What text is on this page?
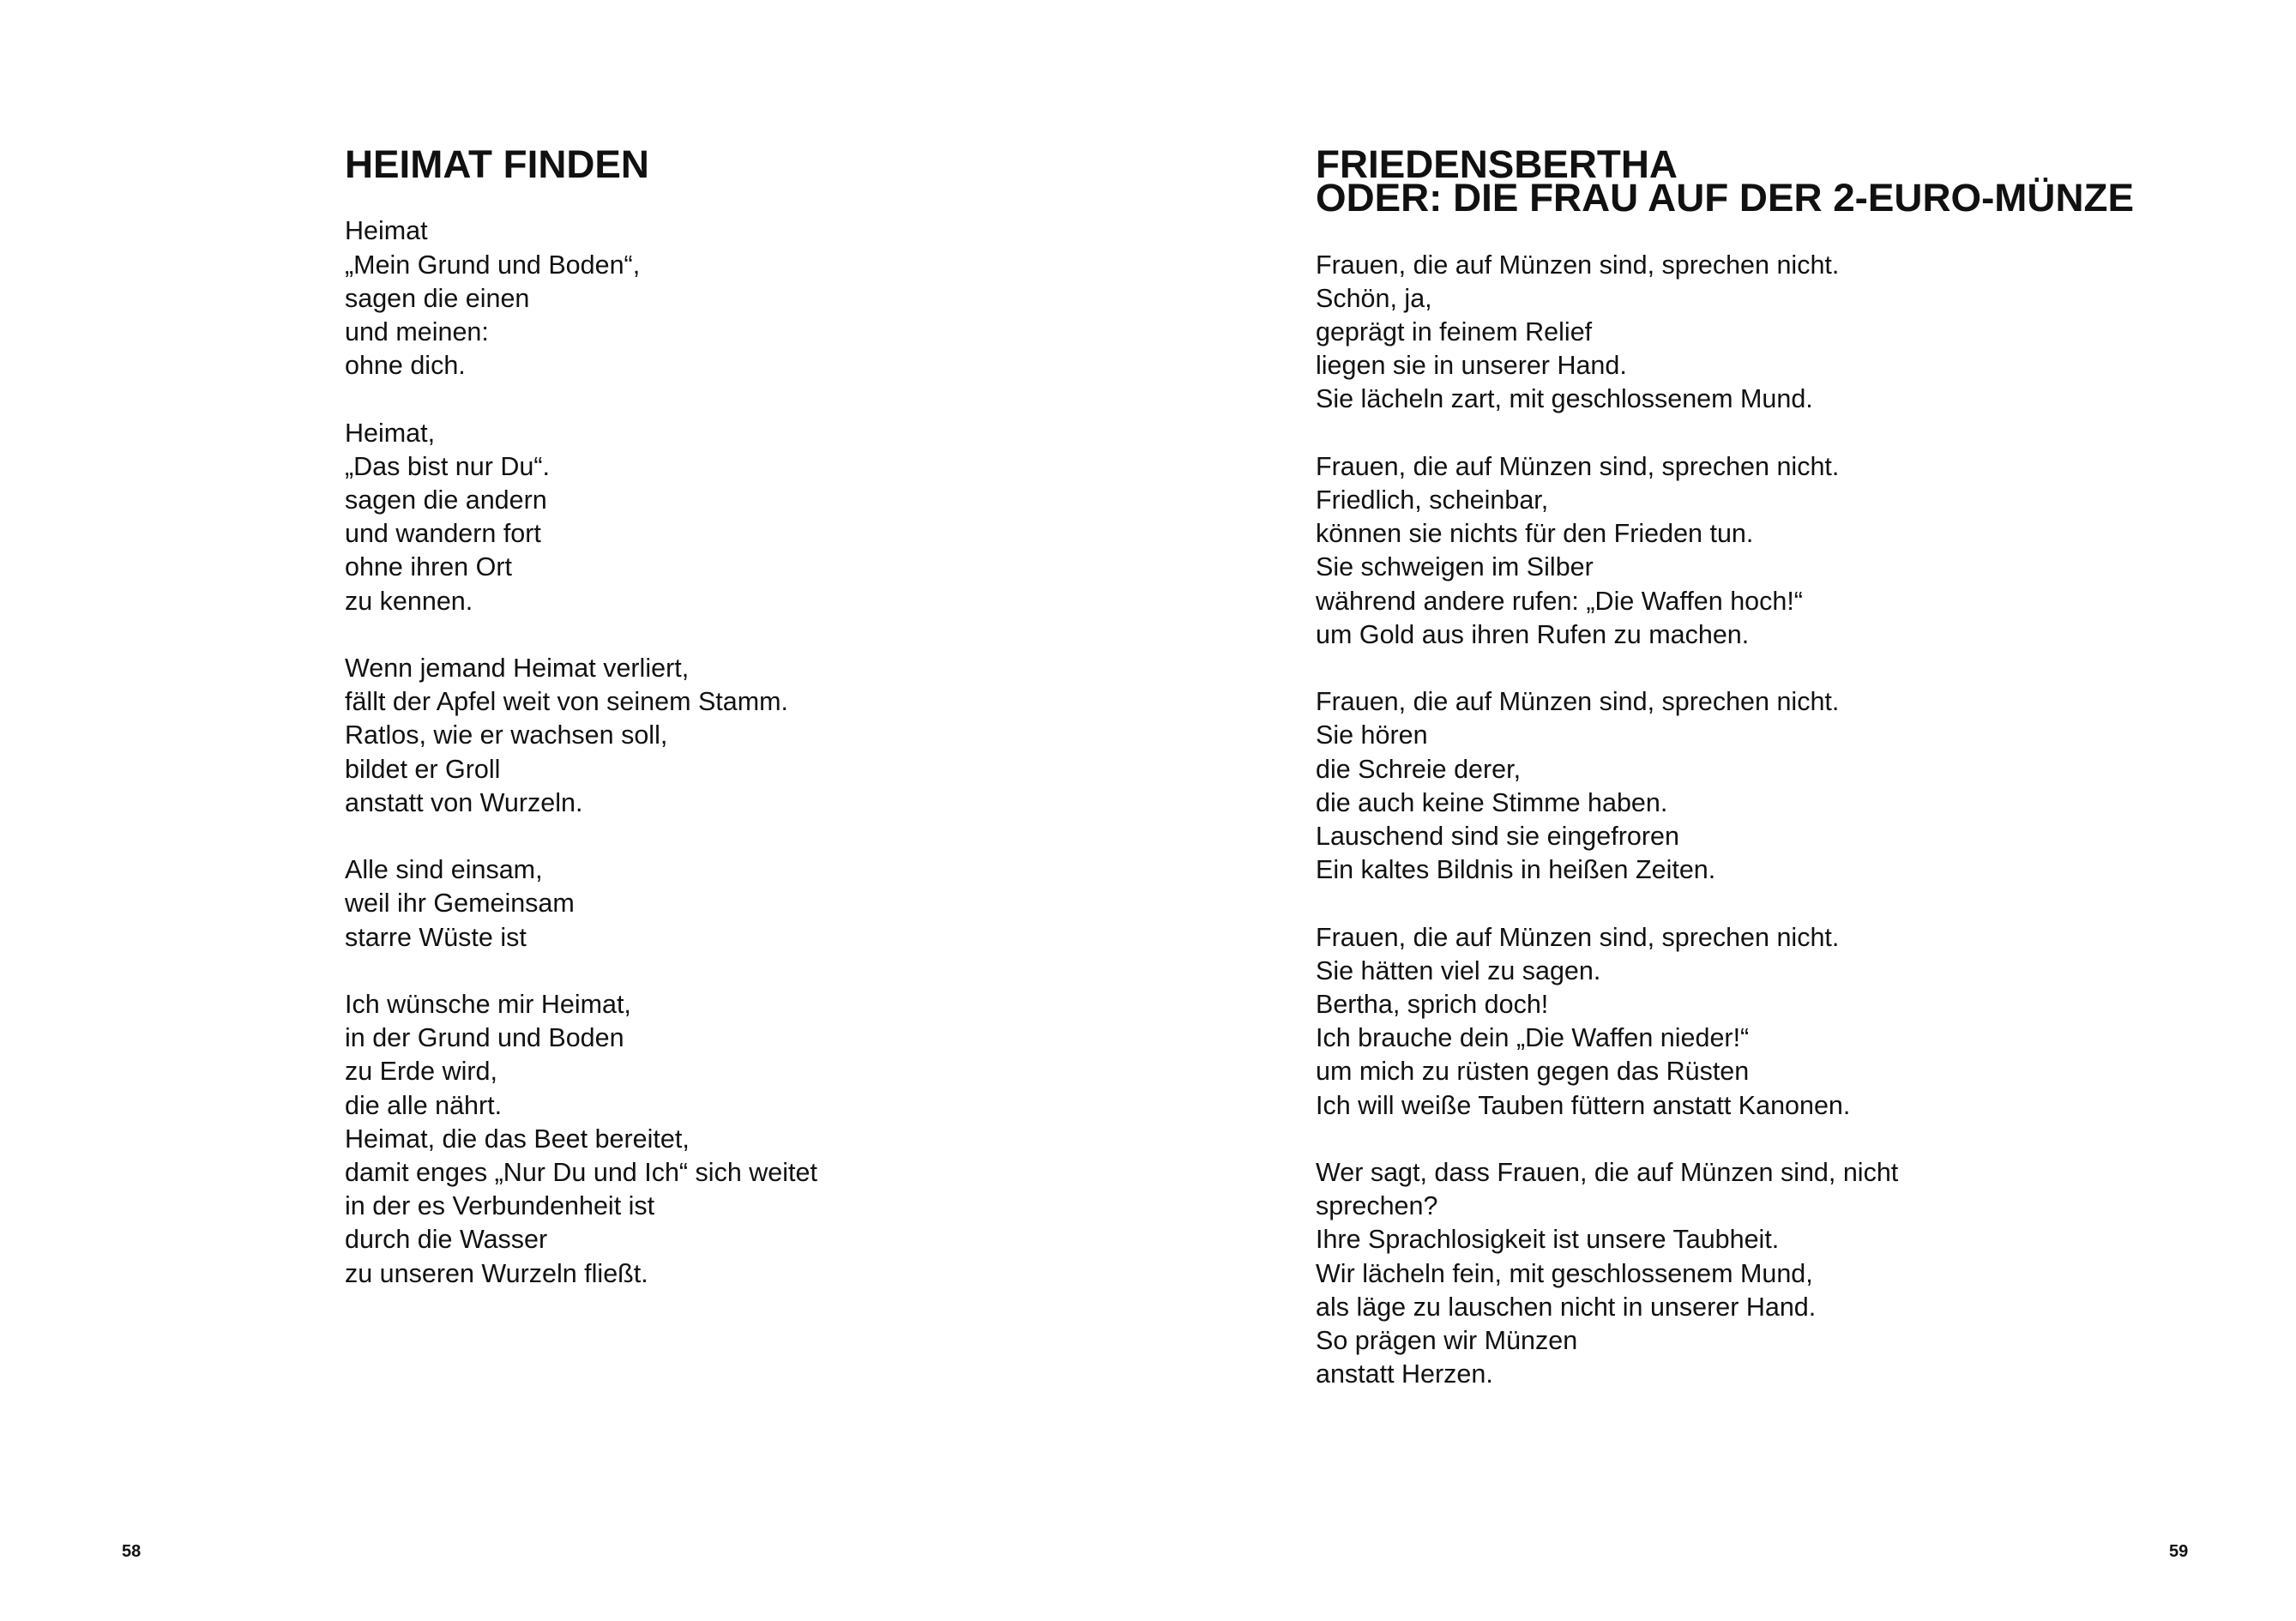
HEIMAT FINDEN

Heimat
„Mein Grund und Boden“,
sagen die einen
und meinen:
ohne dich.

Heimat,
„Das bist nur Du“.
sagen die andern
und wandern fort
ohne ihren Ort
zu kennen.

Wenn jemand Heimat verliert,
fällt der Apfel weit von seinem Stamm.
Ratlos, wie er wachsen soll,
bildet er Groll
anstatt von Wurzeln.

Alle sind einsam,
weil ihr Gemeinsam
starre Wüste ist

Ich wünsche mir Heimat,
in der Grund und Boden
zu Erde wird,
die alle nährt.
Heimat, die das Beet bereitet,
damit enges „Nur Du und Ich“ sich weitet
in der es Verbundenheit ist
durch die Wasser
zu unseren Wurzeln fließt.

58
FRIEDENSBERTHA
ODER: DIE FRAU AUF DER 2-EURO-MÜNZE

Frauen, die auf Münzen sind, sprechen nicht.
Schön, ja,
geprägt in feinem Relief
liegen sie in unserer Hand.
Sie lächeln zart, mit geschlossenem Mund.

Frauen, die auf Münzen sind, sprechen nicht.
Friedlich, scheinbar,
können sie nichts für den Frieden tun.
Sie schweigen im Silber
während andere rufen: „Die Waffen hoch!“
um Gold aus ihren Rufen zu machen.

Frauen, die auf Münzen sind, sprechen nicht.
Sie hören
die Schreie derer,
die auch keine Stimme haben.
Lauschend sind sie eingefroren
Ein kaltes Bildnis in heißen Zeiten.

Frauen, die auf Münzen sind, sprechen nicht.
Sie hätten viel zu sagen.
Bertha, sprich doch!
Ich brauche dein „Die Waffen nieder!“
um mich zu rüsten gegen das Rüsten
Ich will weiße Tauben füttern anstatt Kanonen.

Wer sagt, dass Frauen, die auf Münzen sind, nicht
sprechen?
Ihre Sprachlosigkeit ist unsere Taubheit.
Wir lächeln fein, mit geschlossenem Mund,
als läge zu lauschen nicht in unserer Hand.
So prägen wir Münzen
anstatt Herzen.

59
